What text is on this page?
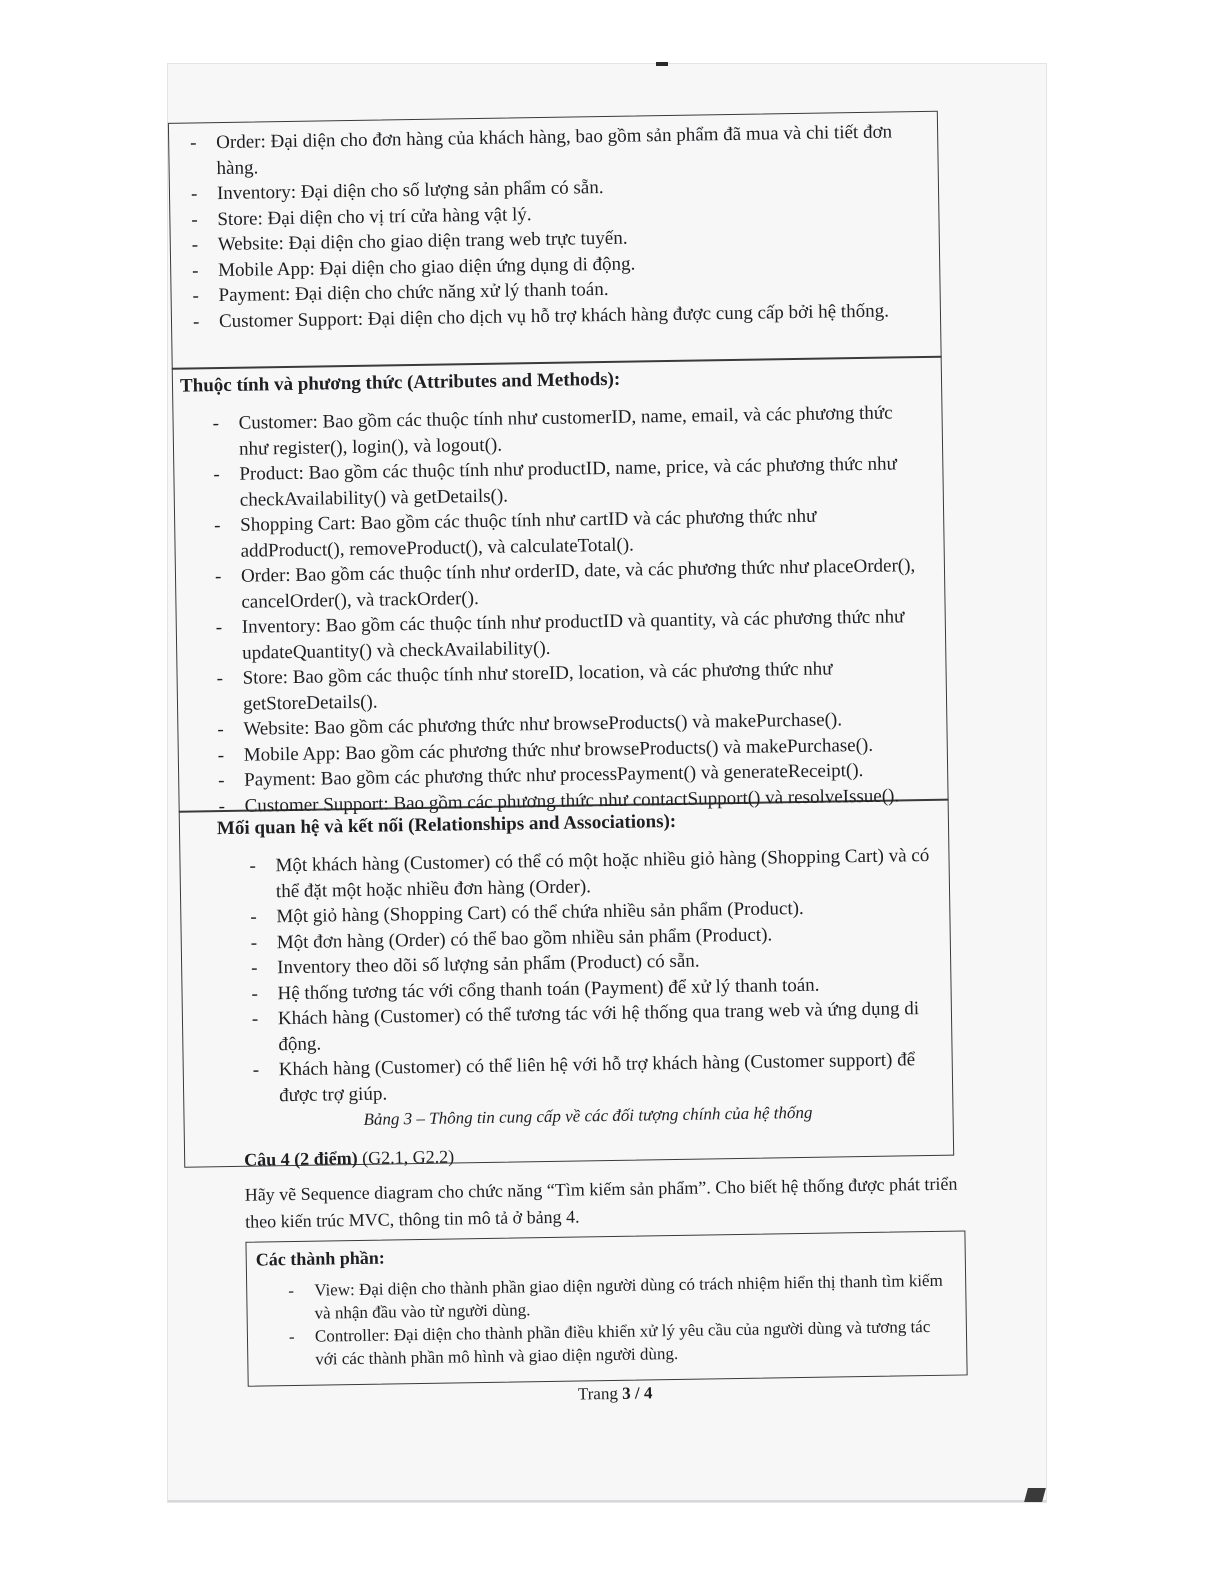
- Order: Đại diện cho đơn hàng của khách hàng, bao gồm sản phẩm đã mua và chi tiết đơn hàng.
- Inventory: Đại diện cho số lượng sản phẩm có sẵn.
- Store: Đại diện cho vị trí cửa hàng vật lý.
- Website: Đại diện cho giao diện trang web trực tuyến.
- Mobile App: Đại diện cho giao diện ứng dụng di động.
- Payment: Đại diện cho chức năng xử lý thanh toán.
- Customer Support: Đại diện cho dịch vụ hỗ trợ khách hàng được cung cấp bởi hệ thống.
Thuộc tính và phương thức (Attributes and Methods):
- Customer: Bao gồm các thuộc tính như customerID, name, email, và các phương thức như register(), login(), và logout().
- Product: Bao gồm các thuộc tính như productID, name, price, và các phương thức như checkAvailability() và getDetails().
- Shopping Cart: Bao gồm các thuộc tính như cartID và các phương thức như addProduct(), removeProduct(), và calculateTotal().
- Order: Bao gồm các thuộc tính như orderID, date, và các phương thức như placeOrder(), cancelOrder(), và trackOrder().
- Inventory: Bao gồm các thuộc tính như productID và quantity, và các phương thức như updateQuantity() và checkAvailability().
- Store: Bao gồm các thuộc tính như storeID, location, và các phương thức như getStoreDetails().
- Website: Bao gồm các phương thức như browseProducts() và makePurchase().
- Mobile App: Bao gồm các phương thức như browseProducts() và makePurchase().
- Payment: Bao gồm các phương thức như processPayment() và generateReceipt().
- Customer Support: Bao gồm các phương thức như contactSupport() và resolveIssue().
Mối quan hệ và kết nối (Relationships and Associations):
- Một khách hàng (Customer) có thể có một hoặc nhiều giỏ hàng (Shopping Cart) và có thể đặt một hoặc nhiều đơn hàng (Order).
- Một giỏ hàng (Shopping Cart) có thể chứa nhiều sản phẩm (Product).
- Một đơn hàng (Order) có thể bao gồm nhiều sản phẩm (Product).
- Inventory theo dõi số lượng sản phẩm (Product) có sẵn.
- Hệ thống tương tác với cổng thanh toán (Payment) để xử lý thanh toán.
- Khách hàng (Customer) có thể tương tác với hệ thống qua trang web và ứng dụng di động.
- Khách hàng (Customer) có thể liên hệ với hỗ trợ khách hàng (Customer support) để được trợ giúp.
Bảng 3 – Thông tin cung cấp về các đối tượng chính của hệ thống
Câu 4 (2 điểm) (G2.1, G2.2)
Hãy vẽ Sequence diagram cho chức năng “Tìm kiếm sản phẩm”. Cho biết hệ thống được phát triển theo kiến trúc MVC, thông tin mô tả ở bảng 4.
Các thành phần:
- View: Đại diện cho thành phần giao diện người dùng có trách nhiệm hiển thị thanh tìm kiếm và nhận đầu vào từ người dùng.
- Controller: Đại diện cho thành phần điều khiển xử lý yêu cầu của người dùng và tương tác với các thành phần mô hình và giao diện người dùng.
Trang 3 / 4
